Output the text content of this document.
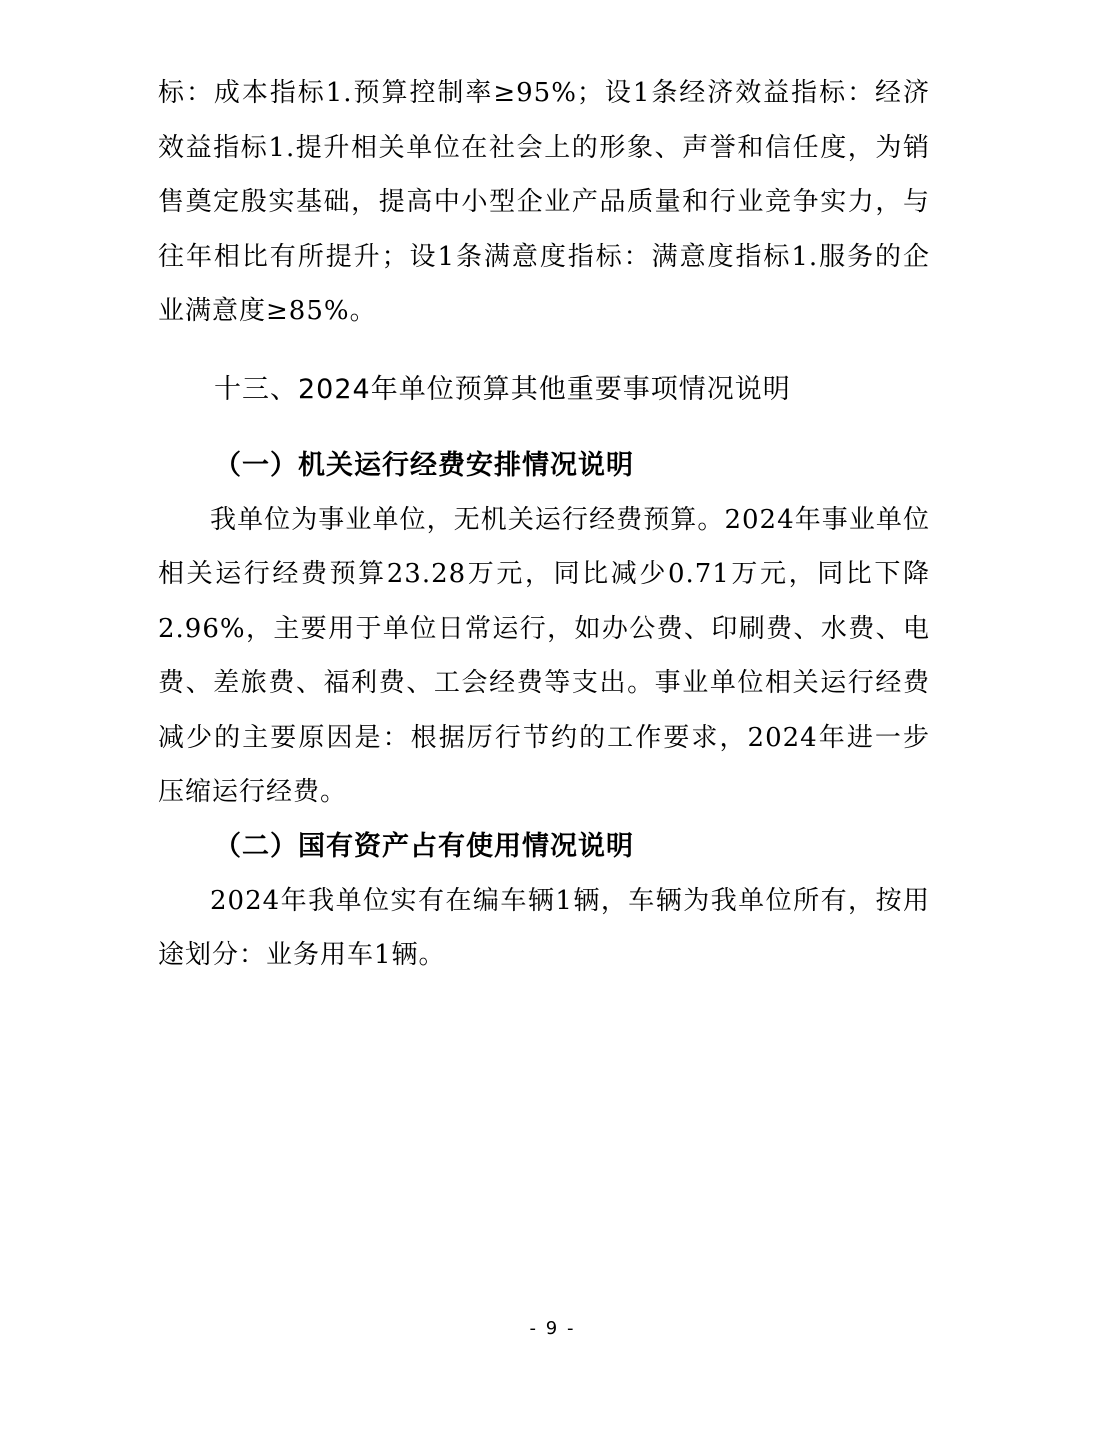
标：成本指标1.预算控制率≥95%；设1条经济效益指标：经济效益指标1.提升相关单位在社会上的形象、声誉和信任度，为销售奠定殷实基础，提高中小型企业产品质量和行业竞争实力，与往年相比有所提升；设1条满意度指标：满意度指标1.服务的企业满意度≥85%。

十三、2024年单位预算其他重要事项情况说明
（一）机关运行经费安排情况说明

我单位为事业单位，无机关运行经费预算。2024年事业单位相关运行经费预算23.28万元，同比减少0.71万元，同比下降2.96%，主要用于单位日常运行，如办公费、印刷费、水费、电费、差旅费、福利费、工会经费等支出。事业单位相关运行经费减少的主要原因是：根据厉行节约的工作要求，2024年进一步压缩运行经费。

（二）国有资产占有使用情况说明

2024年我单位实有在编车辆1辆，车辆为我单位所有，按用途划分：业务用车1辆。

- 9 -
